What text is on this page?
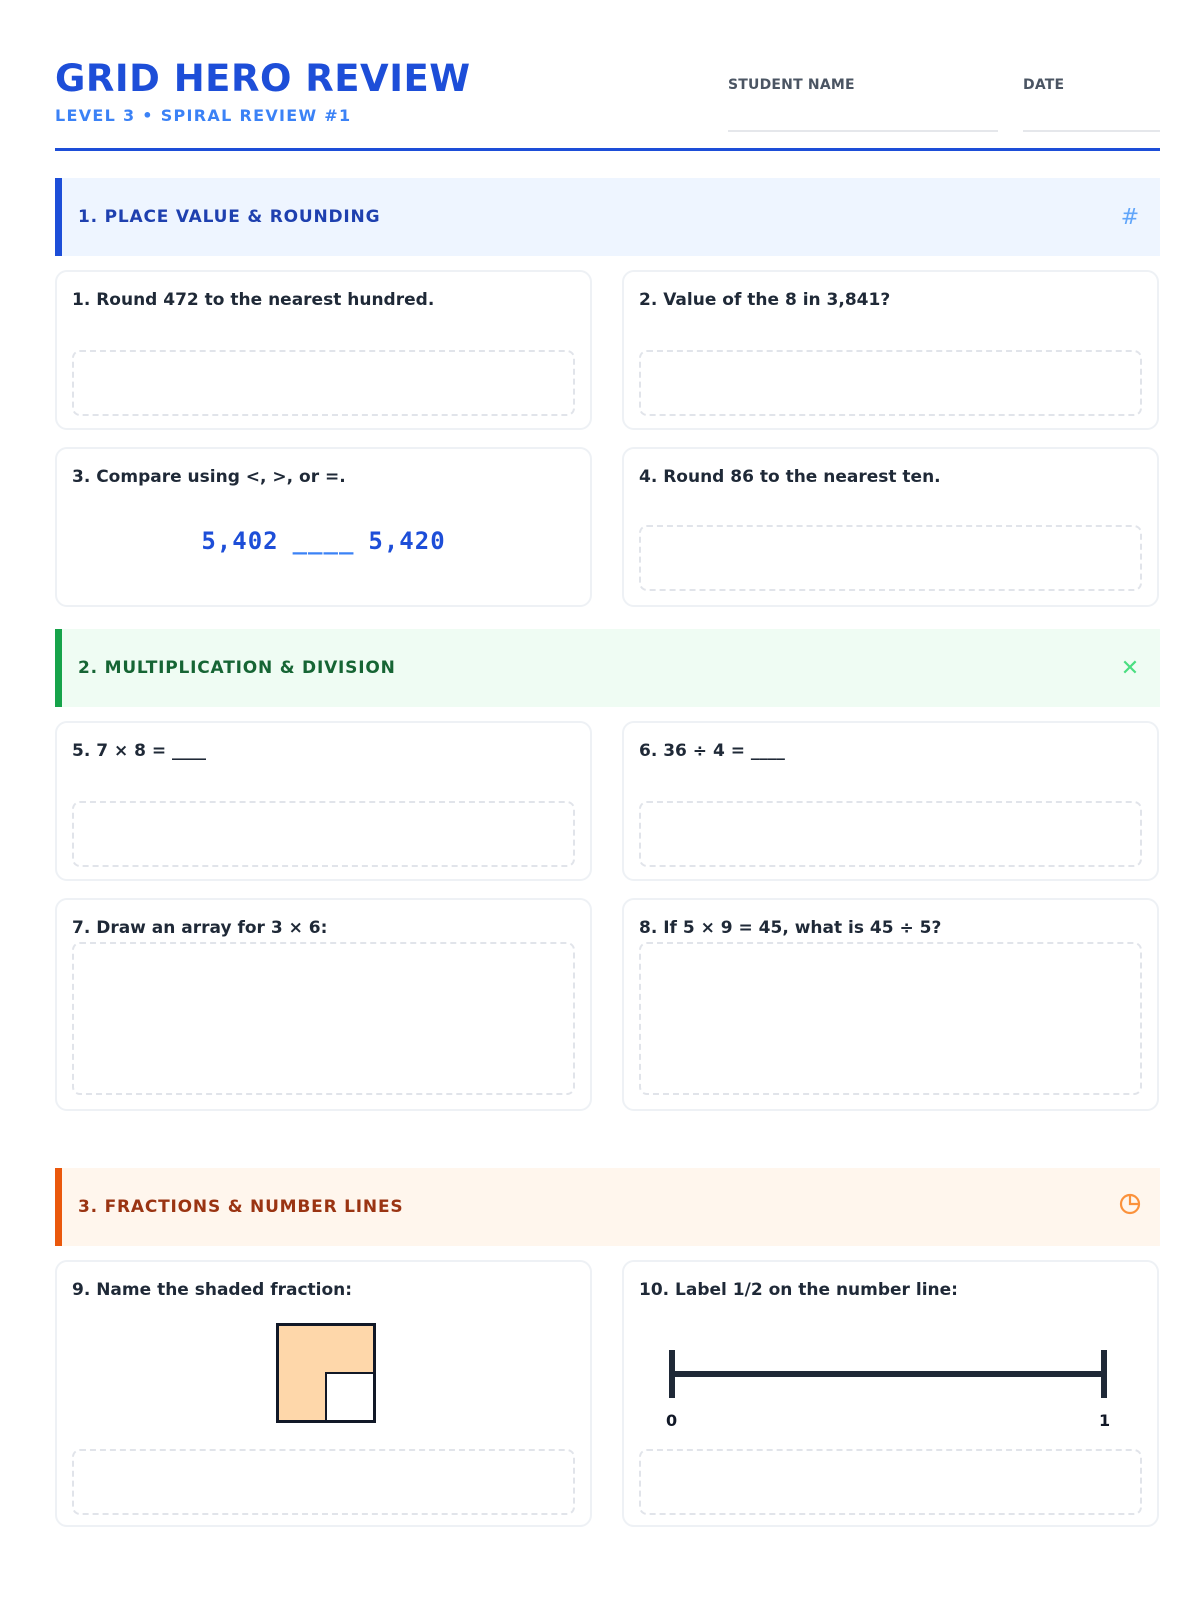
GRID HERO REVIEW
LEVEL 3 • SPIRAL REVIEW #1
STUDENT NAME	DATE
1. PLACE VALUE & ROUNDING	#
1. Round 472 to the nearest hundred.	2. Value of the 8 in 3,841?
3. Compare using <, >, or =.
5,402 ____ 5,420
4. Round 86 to the nearest ten.
2. MULTIPLICATION & DIVISION	✕
5. 7 × 8 = ____	6. 36 ÷ 4 = ____
7. Draw an array for 3 × 6:	8. If 5 × 9 = 45, what is 45 ÷ 5?
3. FRACTIONS & NUMBER LINES
9. Name the shaded fraction:	10. Label 1/2 on the number line:
0	1
